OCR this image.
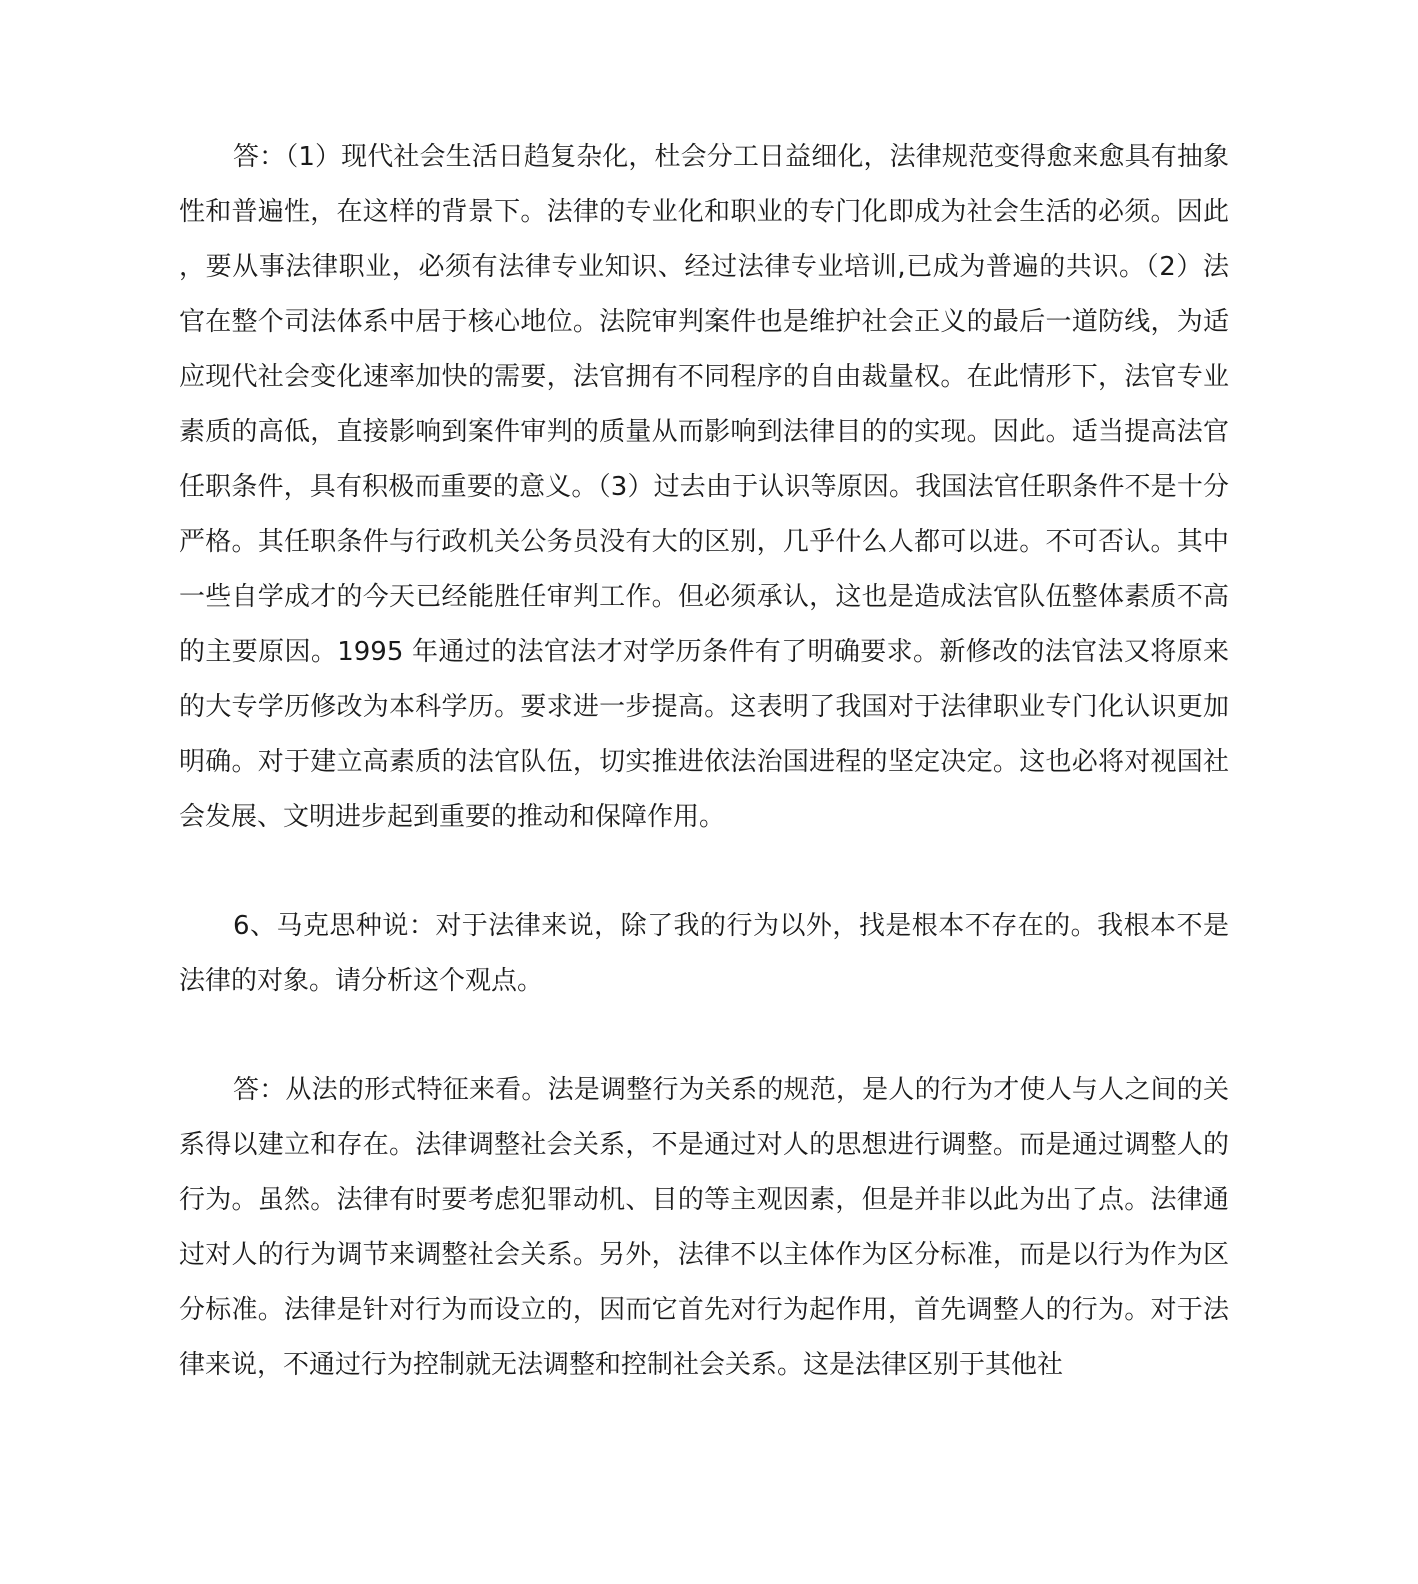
答：（1）现代社会生活日趋复杂化，杜会分工日益细化，法律规范变得愈来愈具有抽象性和普遍性，在这样的背景下。法律的专业化和职业的专门化即成为社会生活的必须。因此，要从事法律职业，必须有法律专业知识、经过法律专业培训,已成为普遍的共识。（2）法官在整个司法体系中居于核心地位。法院审判案件也是维护社会正义的最后一道防线，为适应现代社会变化速率加快的需要，法官拥有不同程序的自由裁量权。在此情形下，法官专业素质的高低，直接影响到案件审判的质量从而影响到法律目的的实现。因此。适当提高法官任职条件，具有积极而重要的意义。（3）过去由于认识等原因。我国法官任职条件不是十分严格。其任职条件与行政机关公务员没有大的区别，几乎什么人都可以进。不可否认。其中一些自学成才的今天已经能胜任审判工作。但必须承认，这也是造成法官队伍整体素质不高的主要原因。1995 年通过的法官法才对学历条件有了明确要求。新修改的法官法又将原来的大专学历修改为本科学历。要求进一步提高。这表明了我国对于法律职业专门化认识更加明确。对于建立高素质的法官队伍，切实推进依法治国进程的坚定决定。这也必将对视国社会发展、文明进步起到重要的推动和保障作用。

6、马克思种说：对于法律来说，除了我的行为以外，找是根本不存在的。我根本不是法律的对象。请分析这个观点。

答：从法的形式特征来看。法是调整行为关系的规范，是人的行为才使人与人之间的关系得以建立和存在。法律调整社会关系，不是通过对人的思想进行调整。而是通过调整人的行为。虽然。法律有时要考虑犯罪动机、目的等主观因素，但是并非以此为出了点。法律通过对人的行为调节来调整社会关系。另外，法律不以主体作为区分标准，而是以行为作为区分标准。法律是针对行为而设立的，因而它首先对行为起作用，首先调整人的行为。对于法律来说，不通过行为控制就无法调整和控制社会关系。这是法律区别于其他社
